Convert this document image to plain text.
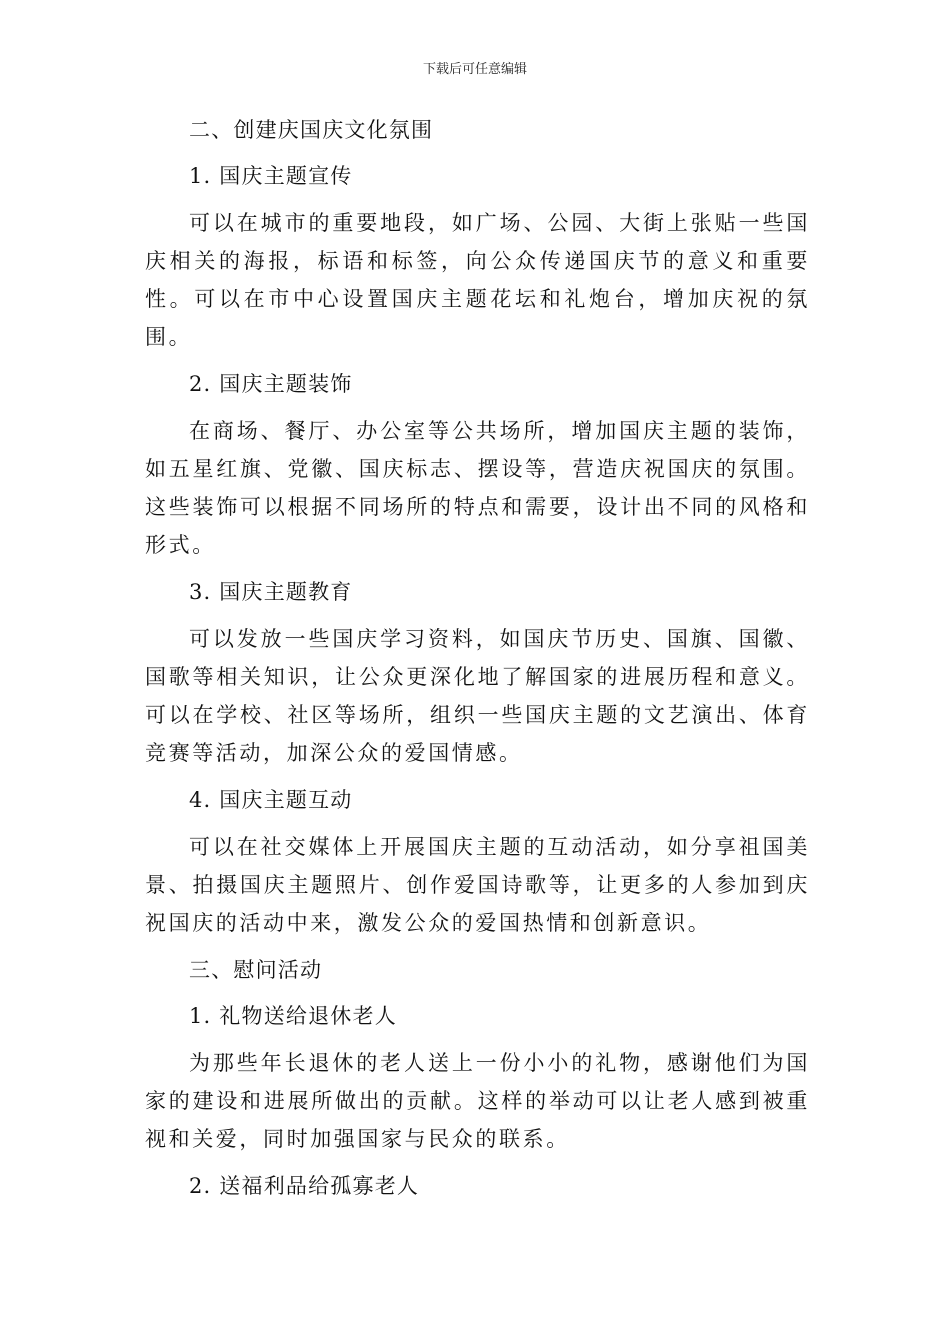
下载后可任意编辑
二、创建庆国庆文化氛围
1. 国庆主题宣传
可以在城市的重要地段，如广场、公园、大街上张贴一些国庆相关的海报，标语和标签，向公众传递国庆节的意义和重要性。可以在市中心设置国庆主题花坛和礼炮台，增加庆祝的氛围。
2. 国庆主题装饰
在商场、餐厅、办公室等公共场所，增加国庆主题的装饰，如五星红旗、党徽、国庆标志、摆设等，营造庆祝国庆的氛围。这些装饰可以根据不同场所的特点和需要，设计出不同的风格和形式。
3. 国庆主题教育
可以发放一些国庆学习资料，如国庆节历史、国旗、国徽、国歌等相关知识，让公众更深化地了解国家的进展历程和意义。可以在学校、社区等场所，组织一些国庆主题的文艺演出、体育竞赛等活动，加深公众的爱国情感。
4. 国庆主题互动
可以在社交媒体上开展国庆主题的互动活动，如分享祖国美景、拍摄国庆主题照片、创作爱国诗歌等，让更多的人参加到庆祝国庆的活动中来，激发公众的爱国热情和创新意识。
三、慰问活动
1. 礼物送给退休老人
为那些年长退休的老人送上一份小小的礼物，感谢他们为国家的建设和进展所做出的贡献。这样的举动可以让老人感到被重视和关爱，同时加强国家与民众的联系。
2. 送福利品给孤寡老人
